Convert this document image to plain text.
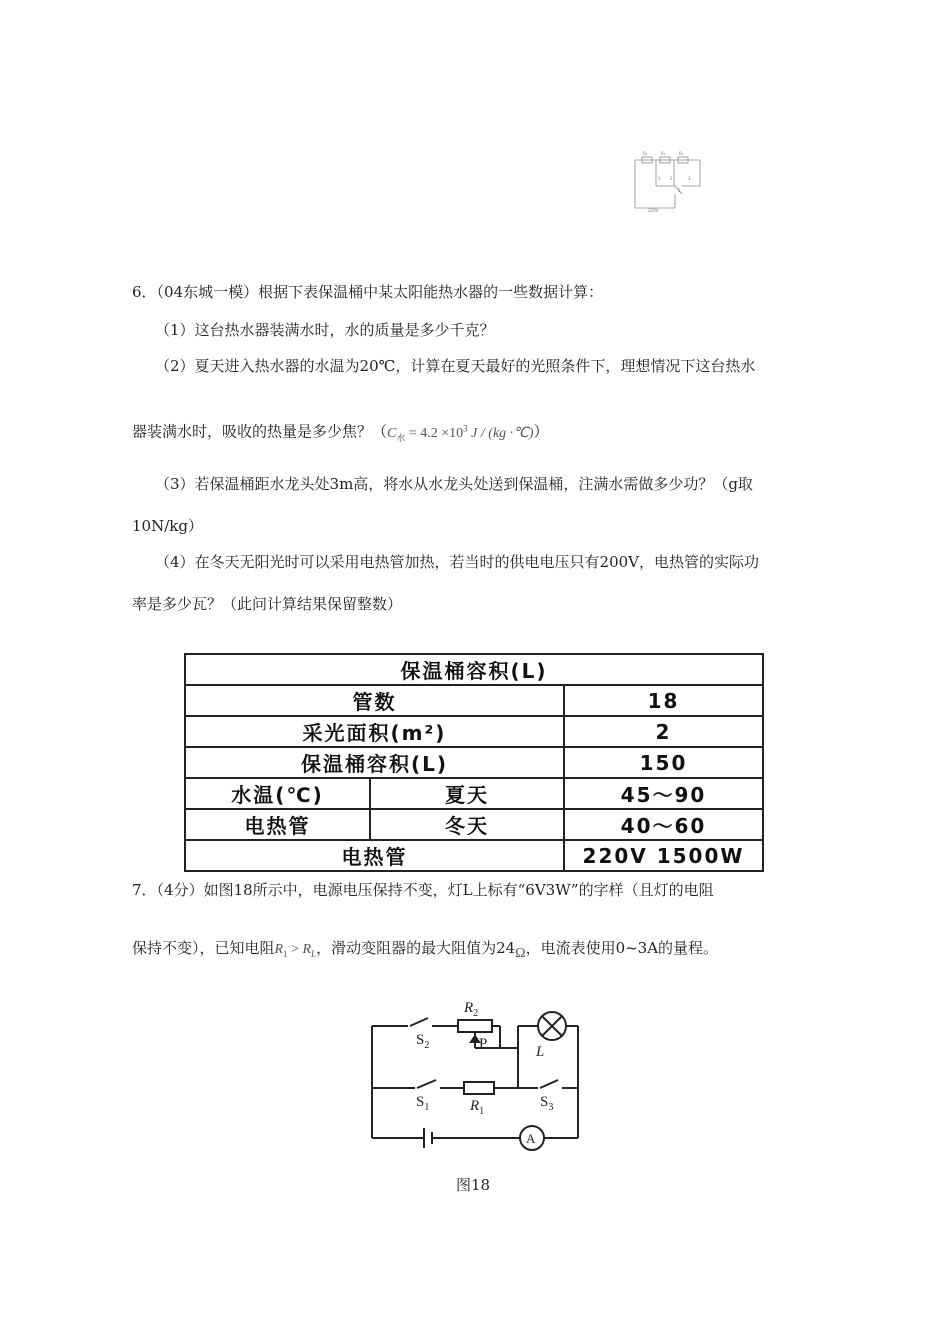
R₁	R₂	R₃
1 2	3
S
220V
6．（04东城一模）根据下表保温桶中某太阳能热水器的一些数据计算：
（1）这台热水器装满水时，水的质量是多少千克？
（2）夏天进入热水器的水温为20℃，计算在夏天最好的光照条件下，理想情况下这台热水
器装满水时，吸收的热量是多少焦？（$C_水 = 4.2 \times 10^3$ J / (kg ·℃)）
（3）若保温桶距水龙头处3m高，将水从水龙头处送到保温桶，注满水需做多少功？（g取
10N/kg）
（4）在冬天无阳光时可以采用电热管加热，若当时的供电电压只有200V，电热管的实际功
率是多少瓦？（此问计算结果保留整数）
保温桶容积(L)		
管数		18
采光面积(m²)		2
保温桶容积(L)		150
水温(℃)	夏天	45～90
电热管	冬天	40～60
电热管		220V 1500W
7．（4分）如图18所示中，电源电压保持不变，灯L上标有“6V3W”的字样（且灯的电阻
保持不变），已知电阻$R_1 > R_L$，滑动变阻器的最大阻值为$24_\Omega$，电流表使用0~3A的量程。
$R_2$
$S_2$	P	L
$S_1$	$R_1$
$S_3$
A
图18
